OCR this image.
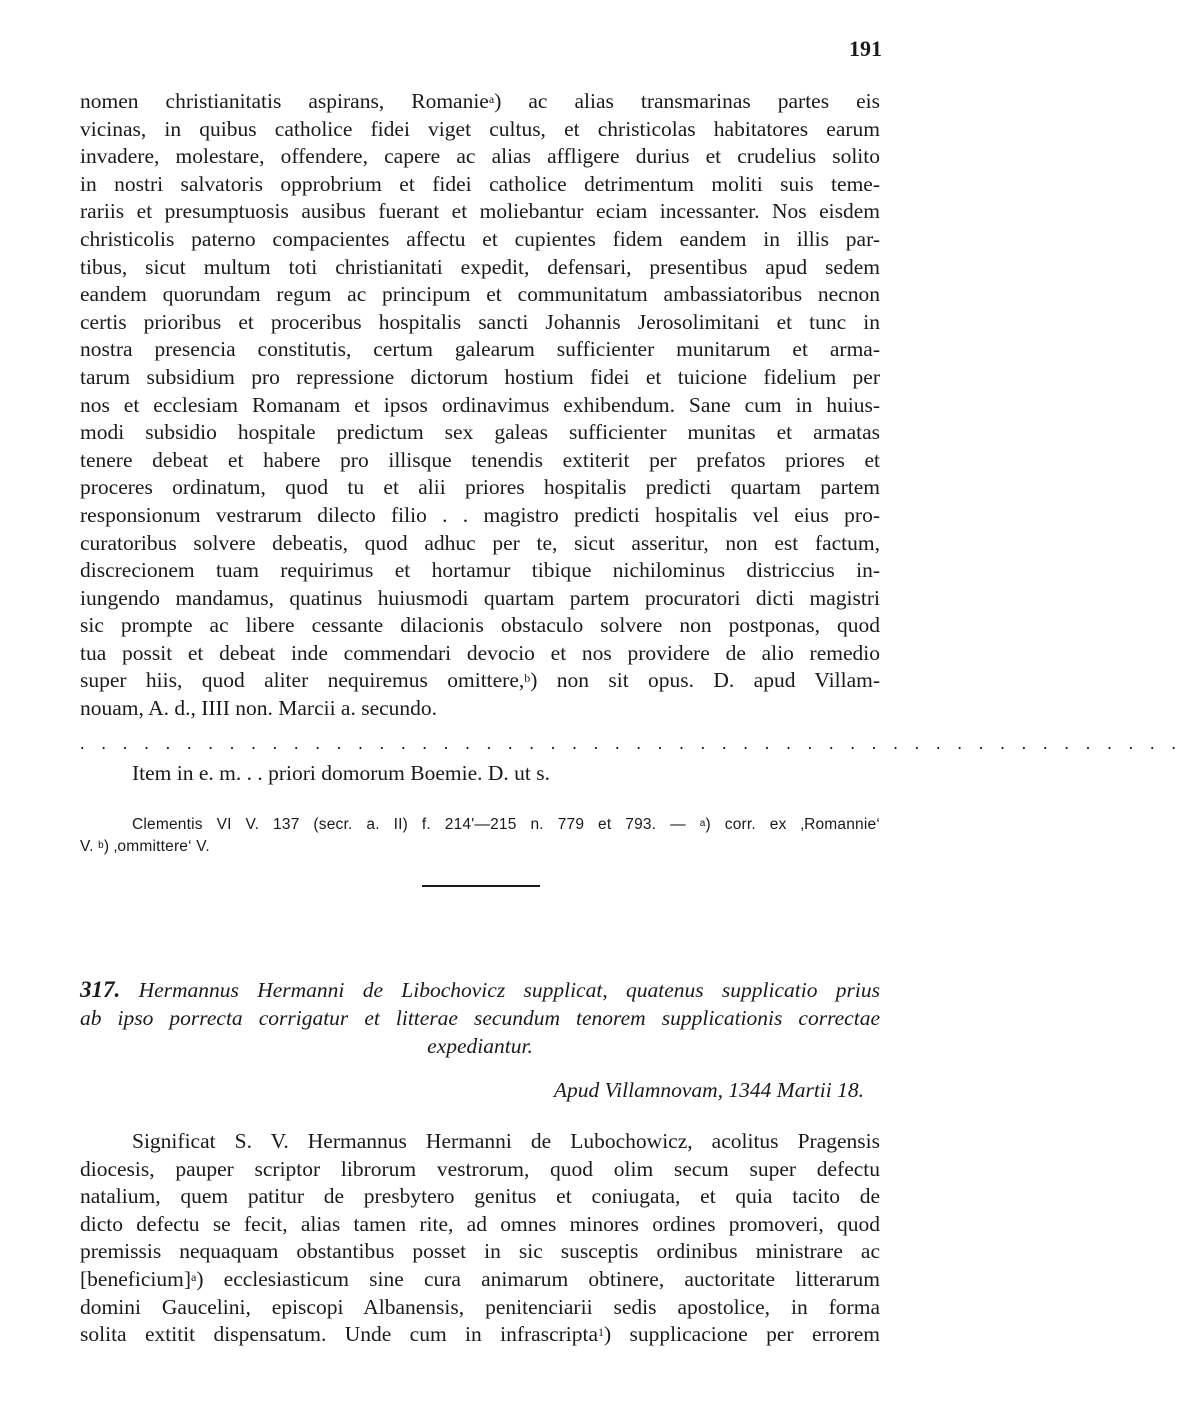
191
nomen christianitatis aspirans, Romanie$^a$) ac alias transmarinas partes eis
vicinas, in quibus catholice fidei viget cultus, et christicolas habitatores earum
invadere, molestare, offendere, capere ac alias affligere durius et crudelius solito
in nostri salvatoris opprobrium et fidei catholice detrimentum moliti suis teme-
rariis et presumptuosis ausibus fuerant et moliebantur eciam incessanter. Nos eisdem
christicolis paterno compacientes affectu et cupientes fidem eandem in illis par-
tibus, sicut multum toti christianitati expedit, defensari, presentibus apud sedem
eandem quorundam regum ac principum et communitatum ambassiatoribus necnon
certis prioribus et proceribus hospitalis sancti Johannis Jerosolimitani et tunc in
nostra presencia constitutis, certum galearum sufficienter munitarum et arma-
tarum subsidium pro repressione dictorum hostium fidei et tuicione fidelium per
nos et ecclesiam Romanam et ipsos ordinavimus exhibendum. Sane cum in huius-
modi subsidio hospitale predictum sex galeas sufficienter munitas et armatas
tenere debeat et habere pro illisque tenendis extiterit per prefatos priores et
proceres ordinatum, quod tu et alii priores hospitalis predicti quartam partem
responsionum vestrarum dilecto filio . . magistro predicti hospitalis vel eius pro-
curatoribus solvere debeatis, quod adhuc per te, sicut asseritur, non est factum,
discrecionem tuam requirimus et hortamur tibique nichilominus districcius in-
iungendo mandamus, quatinus huiusmodi quartam partem procuratori dicti magistri
sic prompte ac libere cessante dilacionis obstaculo solvere non postponas, quod
tua possit et debeat inde commendari devocio et nos providere de alio remedio
super hiis, quod aliter nequiremus omittere,$^b$) non sit opus. D. apud Villam-
nouam, A. d., IIII non. Marcii a. secundo.
. . . . . . . . . . . . . . . . . . . . . . . . . . . . . . . . . . . . . . . . . . . . . . . . . . . .
Item in e. m. . . priori domorum Boemie. D. ut s.
Clementis VI V. 137 (secr. a. II) f. 214'—215 n. 779 et 793. — $^a$) corr. ex ‚Romannie‘
V. $^b$) ‚ommittere‘ V.
317. Hermannus Hermanni de Libochovicz supplicat, quatenus supplicatio prius
ab ipso porrecta corrigatur et litterae secundum tenorem supplicationis correctae
expediantur.
Apud Villamnovam, 1344 Martii 18.
Significat S. V. Hermannus Hermanni de Lubochowicz, acolitus Pragensis
diocesis, pauper scriptor librorum vestrorum, quod olim secum super defectu
natalium, quem patitur de presbytero genitus et coniugata, et quia tacito de
dicto defectu se fecit, alias tamen rite, ad omnes minores ordines promoveri, quod
premissis nequaquam obstantibus posset in sic susceptis ordinibus ministrare ac
[beneficium]$^a$) ecclesiasticum sine cura animarum obtinere, auctoritate litterarum
domini Gaucelini, episcopi Albanensis, penitenciarii sedis apostolice, in forma
solita extitit dispensatum. Unde cum in infrascripta$^1$) supplicacione per errorem
